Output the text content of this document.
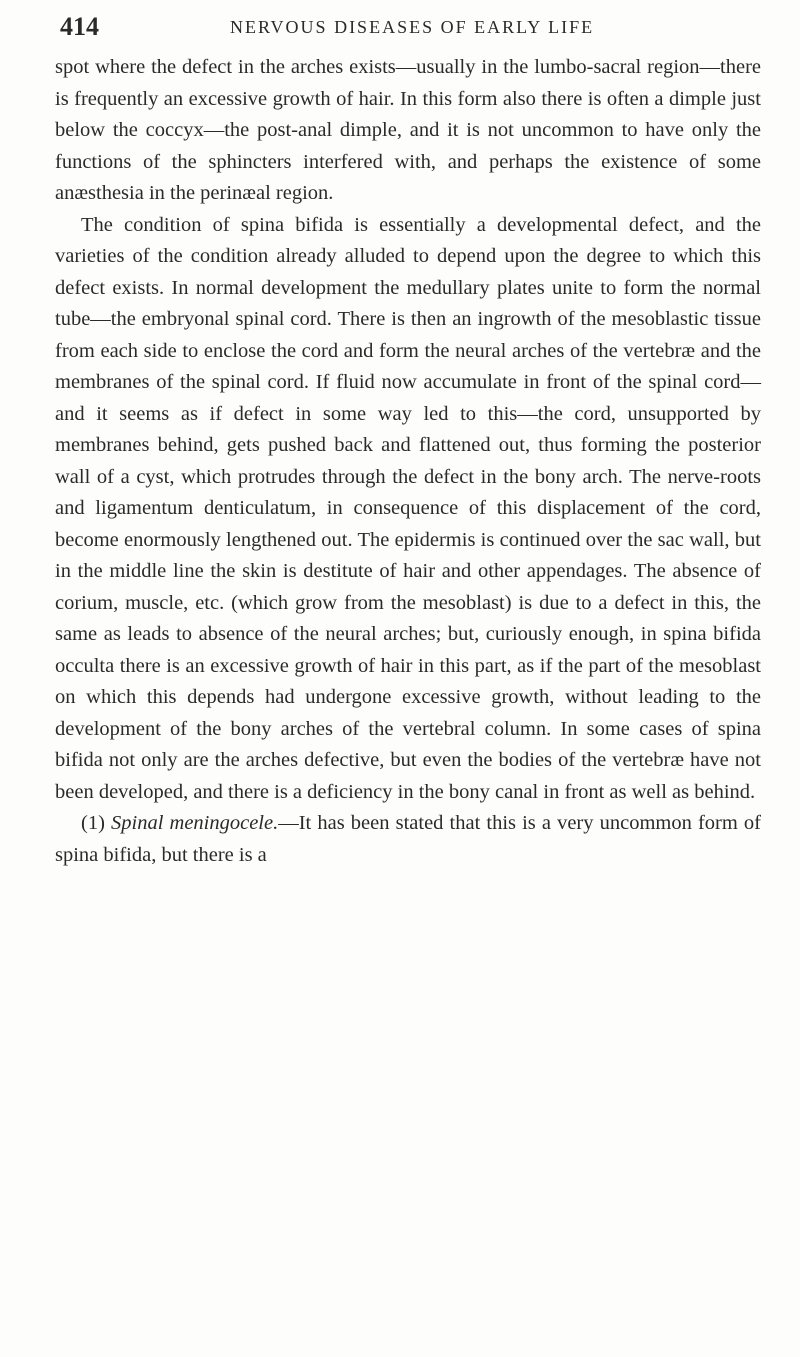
414	NERVOUS DISEASES OF EARLY LIFE

spot where the defect in the arches exists—usually in the lumbo-sacral region—there is frequently an excessive growth of hair. In this form also there is often a dimple just below the coccyx—the post-anal dimple, and it is not uncommon to have only the functions of the sphincters interfered with, and perhaps the existence of some anæsthesia in the perinæal region.

The condition of spina bifida is essentially a developmental defect, and the varieties of the condition already alluded to depend upon the degree to which this defect exists. In normal development the medullary plates unite to form the normal tube—the embryonal spinal cord. There is then an ingrowth of the mesoblastic tissue from each side to enclose the cord and form the neural arches of the vertebræ and the membranes of the spinal cord. If fluid now accumulate in front of the spinal cord—and it seems as if defect in some way led to this—the cord, unsupported by membranes behind, gets pushed back and flattened out, thus forming the posterior wall of a cyst, which protrudes through the defect in the bony arch. The nerve-roots and ligamentum denticulatum, in consequence of this displacement of the cord, become enormously lengthened out. The epidermis is continued over the sac wall, but in the middle line the skin is destitute of hair and other appendages. The absence of corium, muscle, etc. (which grow from the mesoblast) is due to a defect in this, the same as leads to absence of the neural arches; but, curiously enough, in spina bifida occulta there is an excessive growth of hair in this part, as if the part of the mesoblast on which this depends had undergone excessive growth, without leading to the development of the bony arches of the vertebral column. In some cases of spina bifida not only are the arches defective, but even the bodies of the vertebræ have not been developed, and there is a deficiency in the bony canal in front as well as behind.

(1) Spinal meningocele.—It has been stated that this is a very uncommon form of spina bifida, but there is a
